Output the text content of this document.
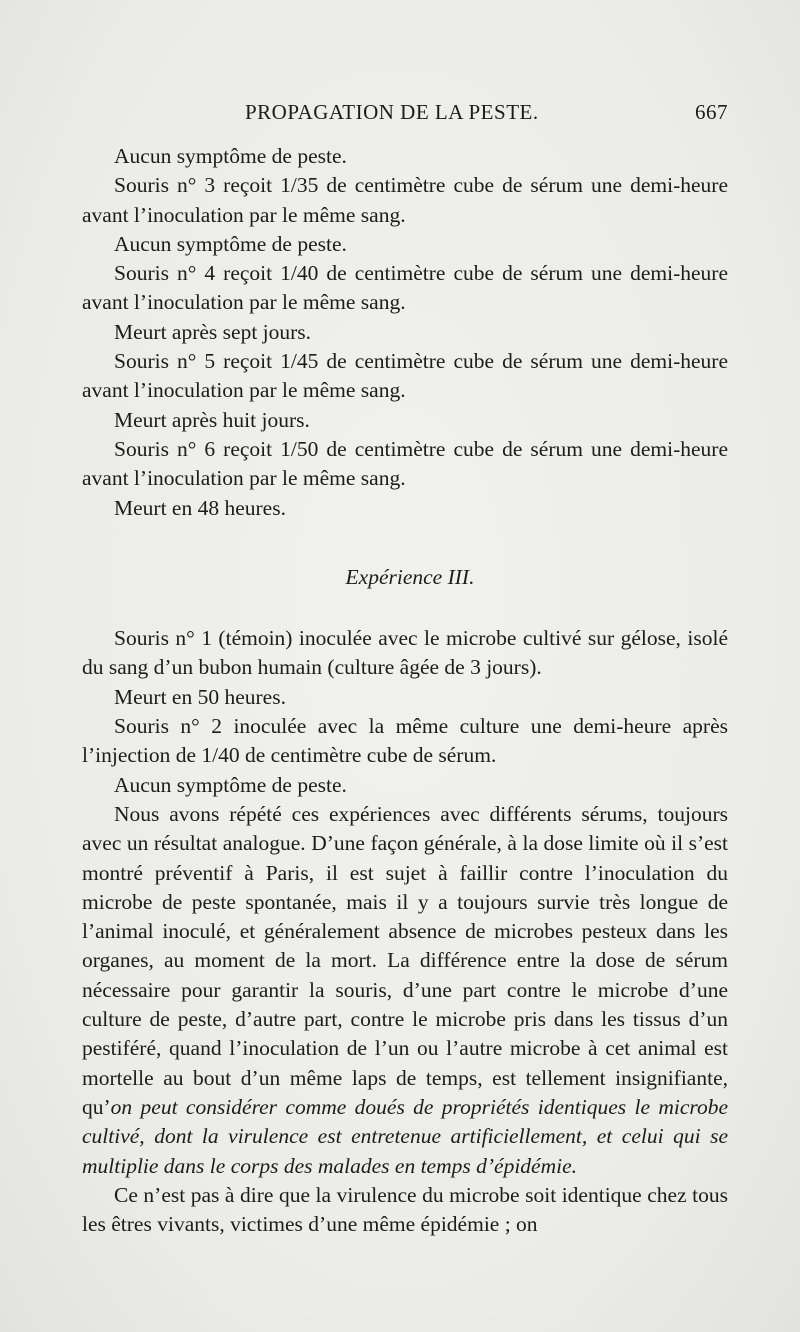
PROPAGATION DE LA PESTE.	667

Aucun symptôme de peste.

Souris n° 3 reçoit 1/35 de centimètre cube de sérum une demi-heure avant l’inoculation par le même sang.

Aucun symptôme de peste.

Souris n° 4 reçoit 1/40 de centimètre cube de sérum une demi-heure avant l’inoculation par le même sang.

Meurt après sept jours.

Souris n° 5 reçoit 1/45 de centimètre cube de sérum une demi-heure avant l’inoculation par le même sang.

Meurt après huit jours.

Souris n° 6 reçoit 1/50 de centimètre cube de sérum une demi-heure avant l’inoculation par le même sang.

Meurt en 48 heures.

Expérience III.

Souris n° 1 (témoin) inoculée avec le microbe cultivé sur gélose, isolé du sang d’un bubon humain (culture âgée de 3 jours).

Meurt en 50 heures.

Souris n° 2 inoculée avec la même culture une demi-heure après l’injection de 1/40 de centimètre cube de sérum.

Aucun symptôme de peste.

Nous avons répété ces expériences avec différents sérums, toujours avec un résultat analogue. D’une façon générale, à la dose limite où il s’est montré préventif à Paris, il est sujet à faillir contre l’inoculation du microbe de peste spontanée, mais il y a toujours survie très longue de l’animal inoculé, et généralement absence de microbes pesteux dans les organes, au moment de la mort. La différence entre la dose de sérum nécessaire pour garantir la souris, d’une part contre le microbe d’une culture de peste, d’autre part, contre le microbe pris dans les tissus d’un pestiféré, quand l’inoculation de l’un ou l’autre microbe à cet animal est mortelle au bout d’un même laps de temps, est tellement insignifiante, qu’on peut considérer comme doués de propriétés identiques le microbe cultivé, dont la virulence est entretenue artificiellement, et celui qui se multiplie dans le corps des malades en temps d’épidémie.

Ce n’est pas à dire que la virulence du microbe soit identique chez tous les êtres vivants, victimes d’une même épidémie ; on
